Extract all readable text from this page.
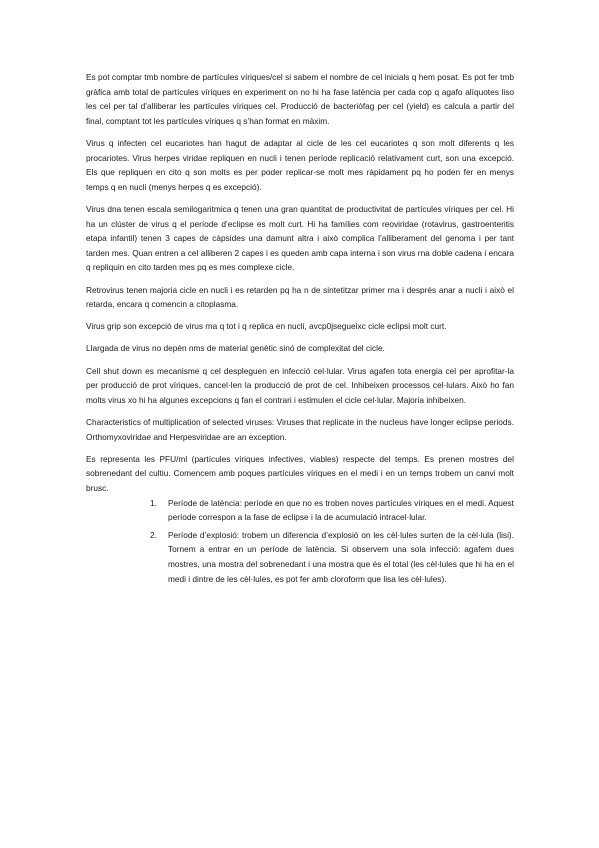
Es pot comptar tmb nombre de partícules víriques/cel si sabem el nombre de cel inicials q hem posat. Es pot fer tmb gràfica amb total de partícules víriques en experiment on no hi ha fase latència per cada cop q agafo alíquotes liso les cel per tal d’alliberar les partícules víriques cel. Producció de bacteriòfag per cel (yield) es calcula a partir del final, comptant tot les partícules víriques q s’han format en màxim.

Virus q infecten cel eucariotes han hagut de adaptar al cicle de les cel eucariotes q son molt diferents q les procariotes. Virus herpes viridae repliquen en nucli i tenen període replicació relativament curt, son una excepció. Els que repliquen en cito q son molts es per poder replicar-se molt mes ràpidament pq ho poden fer en menys temps q en nucli (menys herpes q es excepció).

Virus dna tenen escala semilogaritmica q tenen una gran quantitat de productivitat de partícules víriques per cel. Hi ha un clúster de virus q el període d’eclipse es molt curt. Hi ha famílies com reoviridae (rotavirus, gastroenteritis etapa infantil) tenen 3 capes de càpsides una damunt altra i això complica l’alliberament del genoma i per tant tarden mes. Quan entren a cel alliberen 2 capes i es queden amb capa interna i son virus rna doble cadena i encara q repliquin en cito tarden mes pq es mes complexe cicle.

Retrovirus tenen majoria cicle en nucli i es retarden pq ha n de sintetitzar primer rna i després anar a nucli i això el retarda, encara q comencin a citoplasma.

Virus grip son excepció de virus rna q tot i q replica en nucli, avcp0jsegueixc cicle eclipsi molt curt.

Llargada de virus no depèn nms de material genètic sinó de complexitat del cicle.

Cell shut down es mecanisme q cel despleguen en infecció cel·lular. Virus agafen tota energia cel per aprofitar-la per producció de prot víriques, cancel·len la producció de prot de cel. Inhibeixen processos cel·lulars. Això ho fan molts virus xo hi ha algunes excepcions q fan el contrari i estimulen el cicle cel·lular. Majoria inhibeixen.

Characteristics of multiplication of selected viruses: Viruses that replicate in the nucleus have longer eclipse periods. Orthomyxoviridae and Herpesviridae are an exception.

Es representa les PFU/ml (partícules víriques infectives, viables) respecte del temps. Es prenen mostres del sobrenedant del cultiu. Comencem amb poques partícules víriques en el medi i en un temps trobem un canvi molt brusc.

1. Període de latència: període en que no es troben noves partícules víriques en el medi. Aquest període correspon a la fase de eclipse i la de acumulació intracel·lular.
2. Període d’explosió: trobem un diferencia d’explosió on les cèl·lules surten de la cèl·lula (lisi). Tornem a entrar en un període de latència. Si observem una sola infecció: agafem dues mostres, una mostra del sobrenedant i una mostra que és el total (les cèl·lules que hi ha en el medi i dintre de les cèl·lules, es pot fer amb cloroform que lisa les cèl·lules).
